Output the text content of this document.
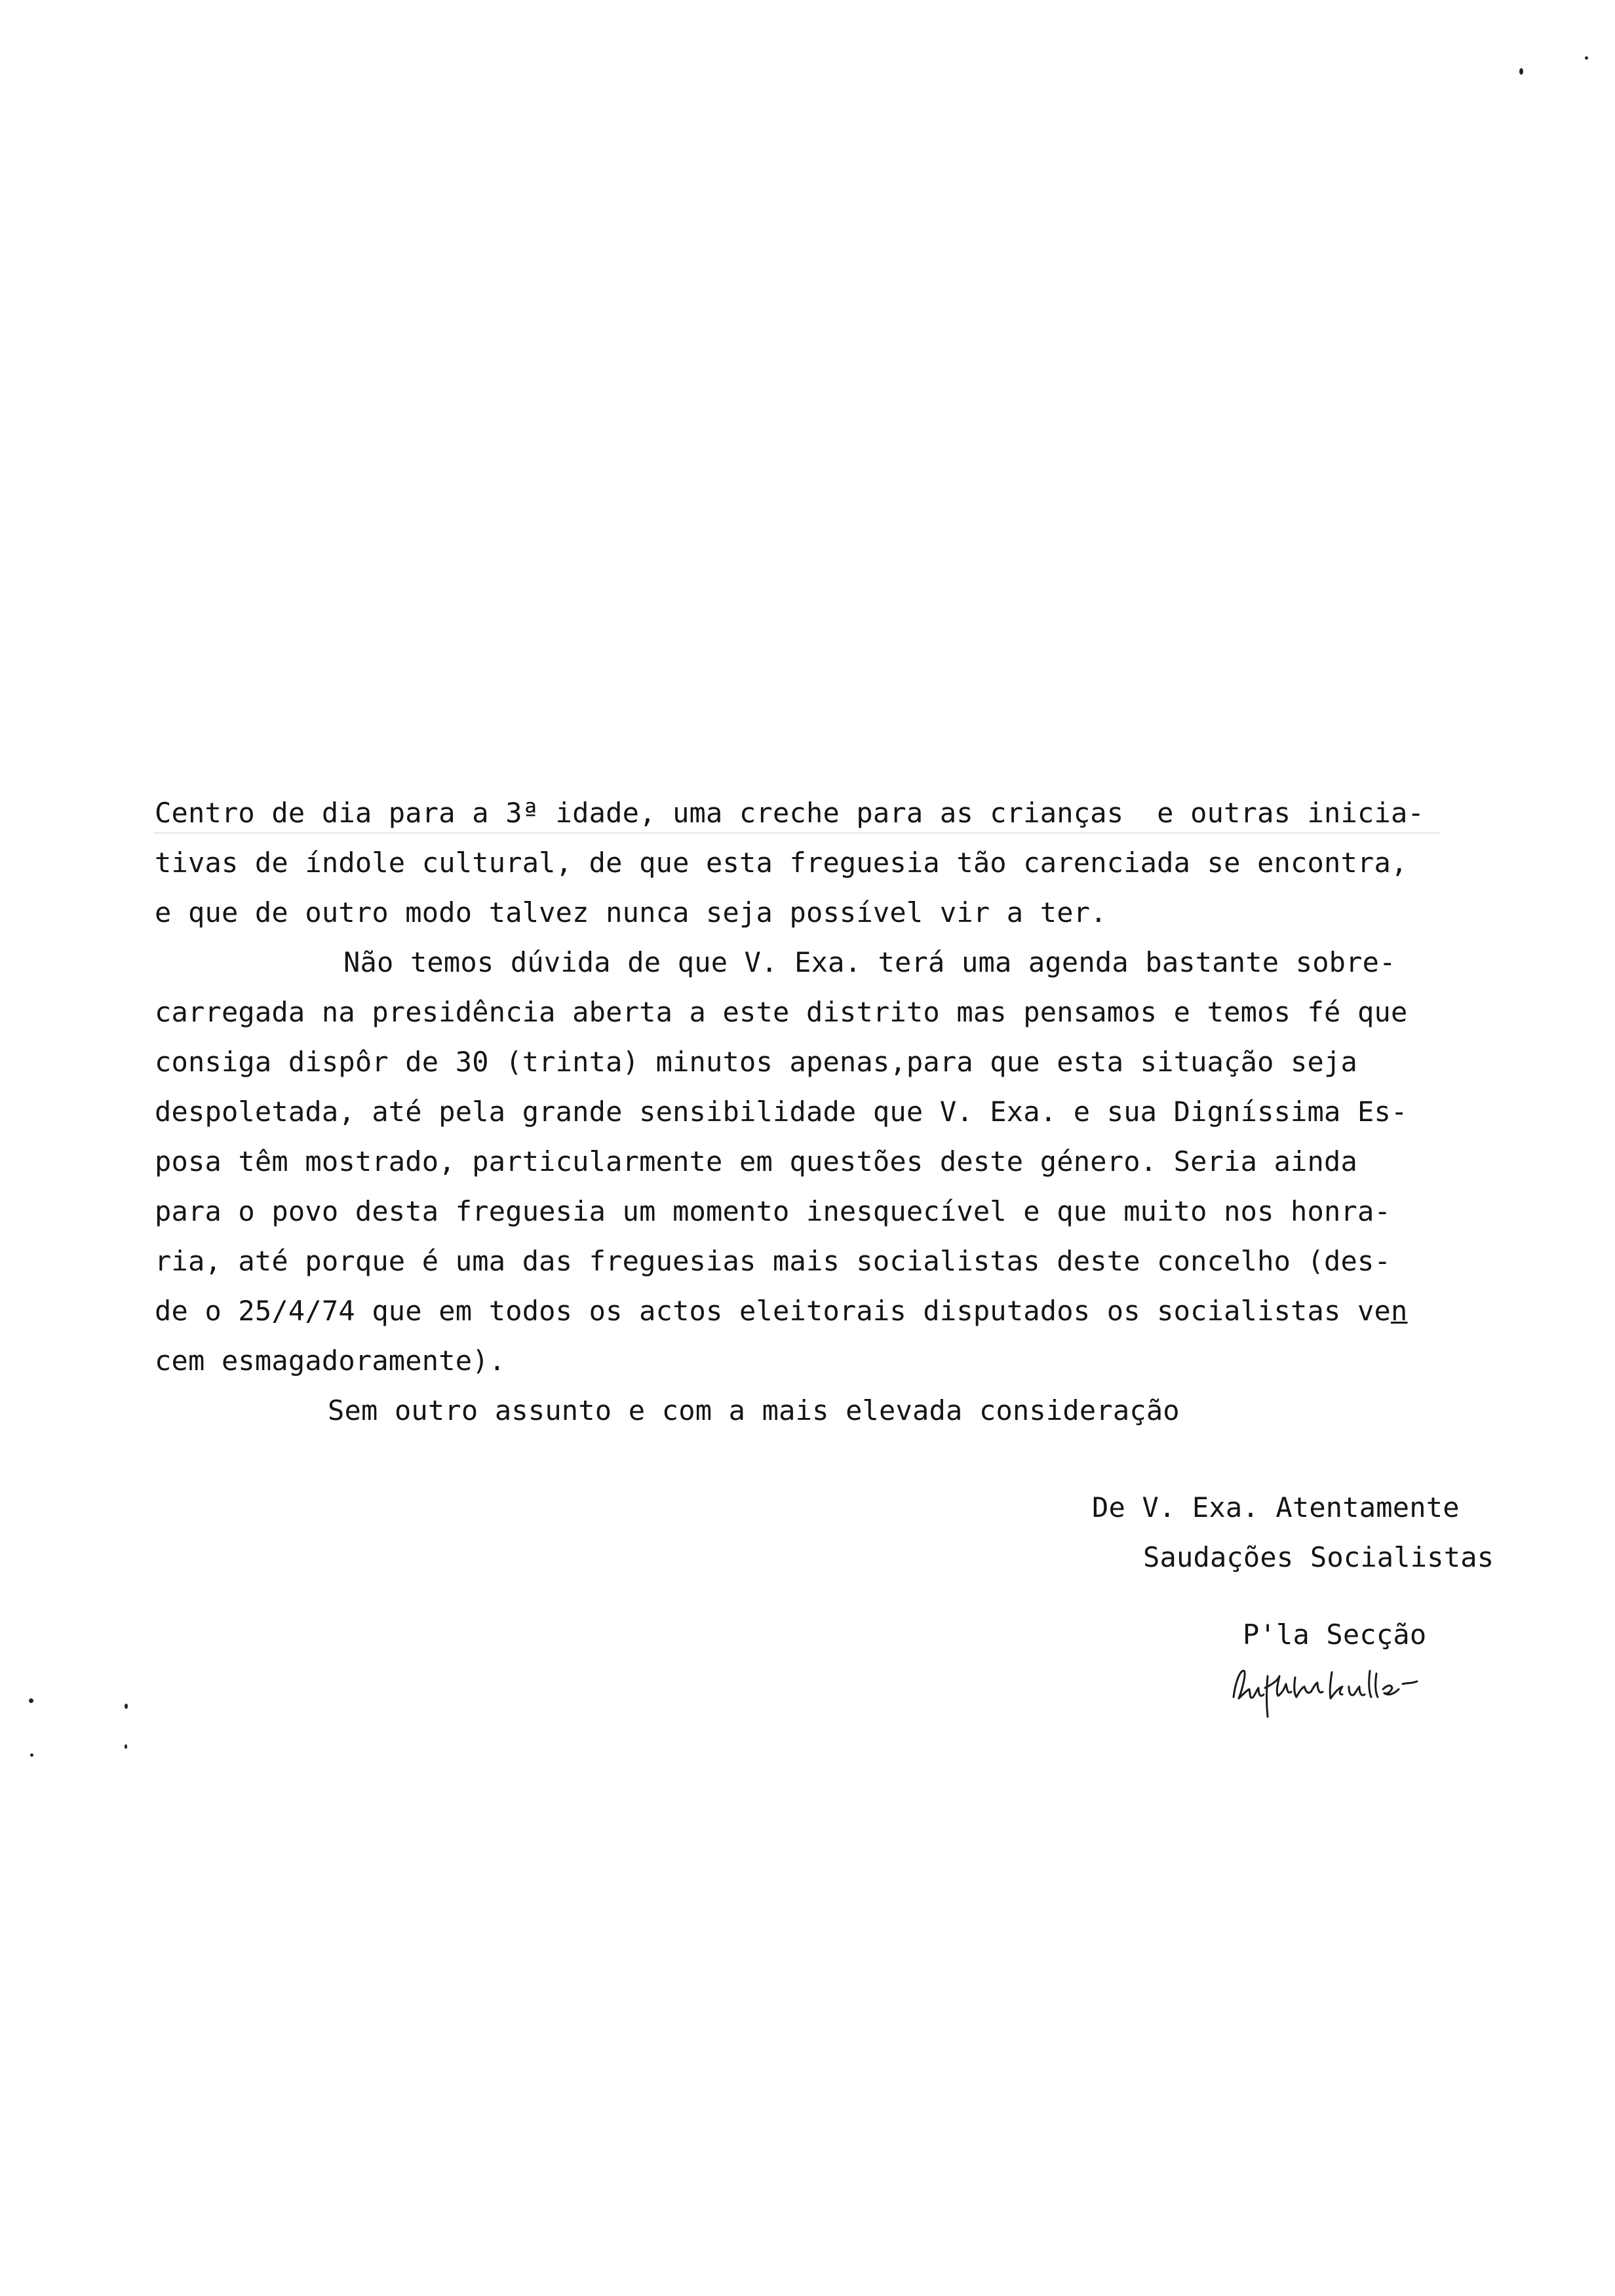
Centro de dia para a 3ª idade, uma creche para as crianças  e outras inicia-
tivas de índole cultural, de que esta freguesia tão carenciada se encontra,
e que de outro modo talvez nunca seja possível vir a ter.
Não temos dúvida de que V. Exa. terá uma agenda bastante sobre-
carregada na presidência aberta a este distrito mas pensamos e temos fé que
consiga dispôr de 30 (trinta) minutos apenas,para que esta situação seja
despoletada, até pela grande sensibilidade que V. Exa. e sua Digníssima Es-
posa têm mostrado, particularmente em questões deste género. Seria ainda
para o povo desta freguesia um momento inesquecível e que muito nos honra-
ria, até porque é uma das freguesias mais socialistas deste concelho (des-
de o 25/4/74 que em todos os actos eleitorais disputados os socialistas ven
cem esmagadoramente).
Sem outro assunto e com a mais elevada consideração
De V. Exa. Atentamente
Saudações Socialistas
P'la Secção
